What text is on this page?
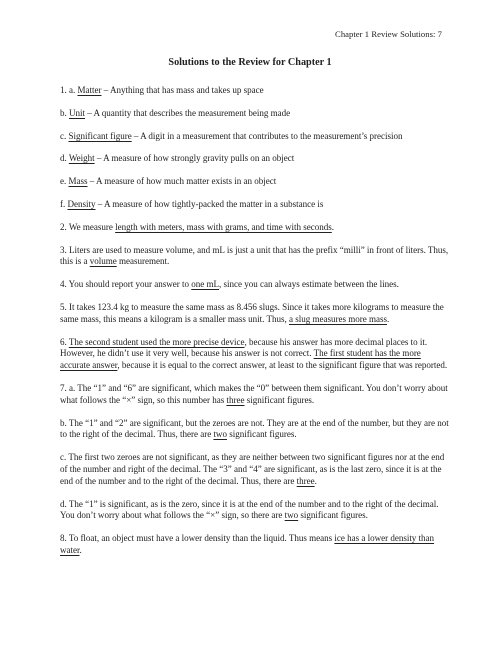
Chapter 1 Review Solutions: 7
Solutions to the Review for Chapter 1

1. a. Matter – Anything that has mass and takes up space

b. Unit – A quantity that describes the measurement being made

c. Significant figure – A digit in a measurement that contributes to the measurement’s precision

d. Weight – A measure of how strongly gravity pulls on an object

e. Mass – A measure of how much matter exists in an object

f. Density – A measure of how tightly-packed the matter in a substance is

2. We measure length with meters, mass with grams, and time with seconds.

3. Liters are used to measure volume, and mL is just a unit that has the prefix “milli” in front of liters. Thus, this is a volume measurement.

4. You should report your answer to one mL, since you can always estimate between the lines.

5. It takes 123.4 kg to measure the same mass as 8.456 slugs. Since it takes more kilograms to measure the same mass, this means a kilogram is a smaller mass unit. Thus, a slug measures more mass.

6. The second student used the more precise device, because his answer has more decimal places to it. However, he didn’t use it very well, because his answer is not correct. The first student has the more accurate answer, because it is equal to the correct answer, at least to the significant figure that was reported.

7. a. The “1” and “6” are significant, which makes the “0” between them significant. You don’t worry about what follows the “×” sign, so this number has three significant figures.

b. The “1” and “2” are significant, but the zeroes are not. They are at the end of the number, but they are not to the right of the decimal. Thus, there are two significant figures.

c. The first two zeroes are not significant, as they are neither between two significant figures nor at the end of the number and right of the decimal. The “3” and “4” are significant, as is the last zero, since it is at the end of the number and to the right of the decimal. Thus, there are three.

d. The “1” is significant, as is the zero, since it is at the end of the number and to the right of the decimal. You don’t worry about what follows the “×” sign, so there are two significant figures.

8. To float, an object must have a lower density than the liquid. Thus means ice has a lower density than water.
